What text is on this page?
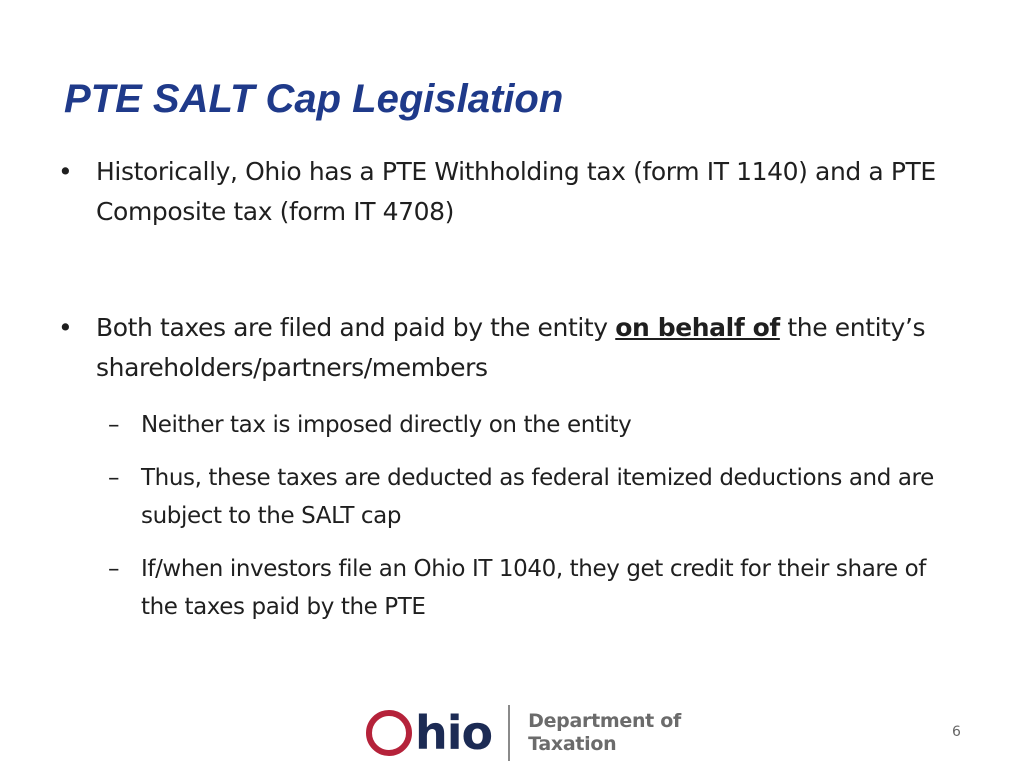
PTE SALT Cap Legislation
• Historically, Ohio has a PTE Withholding tax (form IT 1140) and a PTE Composite tax (form IT 4708)
• Both taxes are filed and paid by the entity on behalf of the entity’s shareholders/partners/members
– Neither tax is imposed directly on the entity
– Thus, these taxes are deducted as federal itemized deductions and are subject to the SALT cap
– If/when investors file an Ohio IT 1040, they get credit for their share of the taxes paid by the PTE
hio Department of
Taxation
6
